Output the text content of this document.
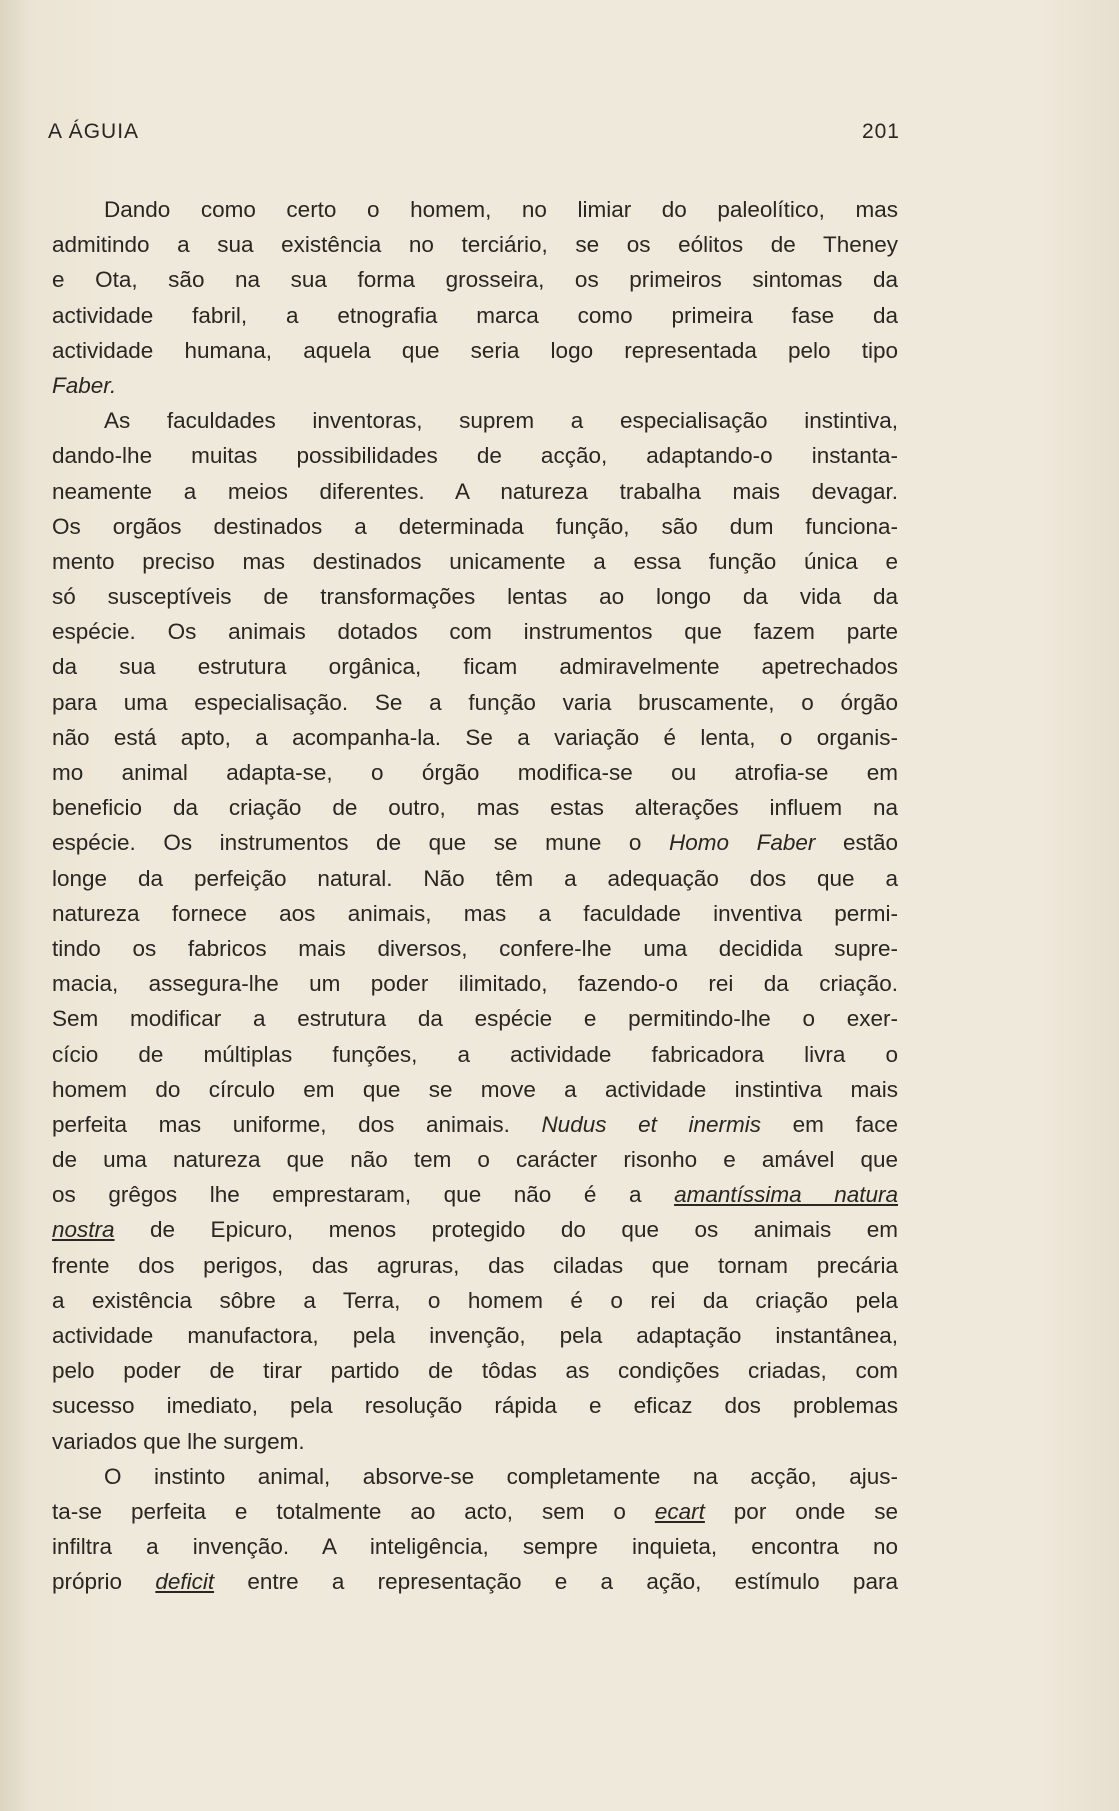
A ÁGUIA	201
Dando como certo o homem, no limiar do paleolítico, mas
admitindo a sua existência no terciário, se os eólitos de Theney
e Ota, são na sua forma grosseira, os primeiros sintomas da
actividade fabril, a etnografia marca como primeira fase da
actividade humana, aquela que seria logo representada pelo tipo
Faber.
As faculdades inventoras, suprem a especialisação instintiva,
dando-lhe muitas possibilidades de acção, adaptando-o instanta-
neamente a meios diferentes. A natureza trabalha mais devagar.
Os orgãos destinados a determinada função, são dum funciona-
mento preciso mas destinados unicamente a essa função única e
só susceptíveis de transformações lentas ao longo da vida da
espécie. Os animais dotados com instrumentos que fazem parte
da sua estrutura orgânica, ficam admiravelmente apetrechados
para uma especialisação. Se a função varia bruscamente, o órgão
não está apto, a acompanha-la. Se a variação é lenta, o organis-
mo animal adapta-se, o órgão modifica-se ou atrofia-se em
beneficio da criação de outro, mas estas alterações influem na
espécie. Os instrumentos de que se mune o Homo Faber estão
longe da perfeição natural. Não têm a adequação dos que a
natureza fornece aos animais, mas a faculdade inventiva permi-
tindo os fabricos mais diversos, confere-lhe uma decidida supre-
macia, assegura-lhe um poder ilimitado, fazendo-o rei da criação.
Sem modificar a estrutura da espécie e permitindo-lhe o exer-
cício de múltiplas funções, a actividade fabricadora livra o
homem do círculo em que se move a actividade instintiva mais
perfeita mas uniforme, dos animais. Nudus et inermis em face
de uma natureza que não tem o carácter risonho e amável que
os grêgos lhe emprestaram, que não é a amantíssima natura
nostra de Epicuro, menos protegido do que os animais em
frente dos perigos, das agruras, das ciladas que tornam precária
a existência sôbre a Terra, o homem é o rei da criação pela
actividade manufactora, pela invenção, pela adaptação instantânea,
pelo poder de tirar partido de tôdas as condições criadas, com
sucesso imediato, pela resolução rápida e eficaz dos problemas
variados que lhe surgem.
O instinto animal, absorve-se completamente na acção, ajus-
ta-se perfeita e totalmente ao acto, sem o ecart por onde se
infiltra a invenção. A inteligência, sempre inquieta, encontra no
próprio deficit entre a representação e a ação, estímulo para
